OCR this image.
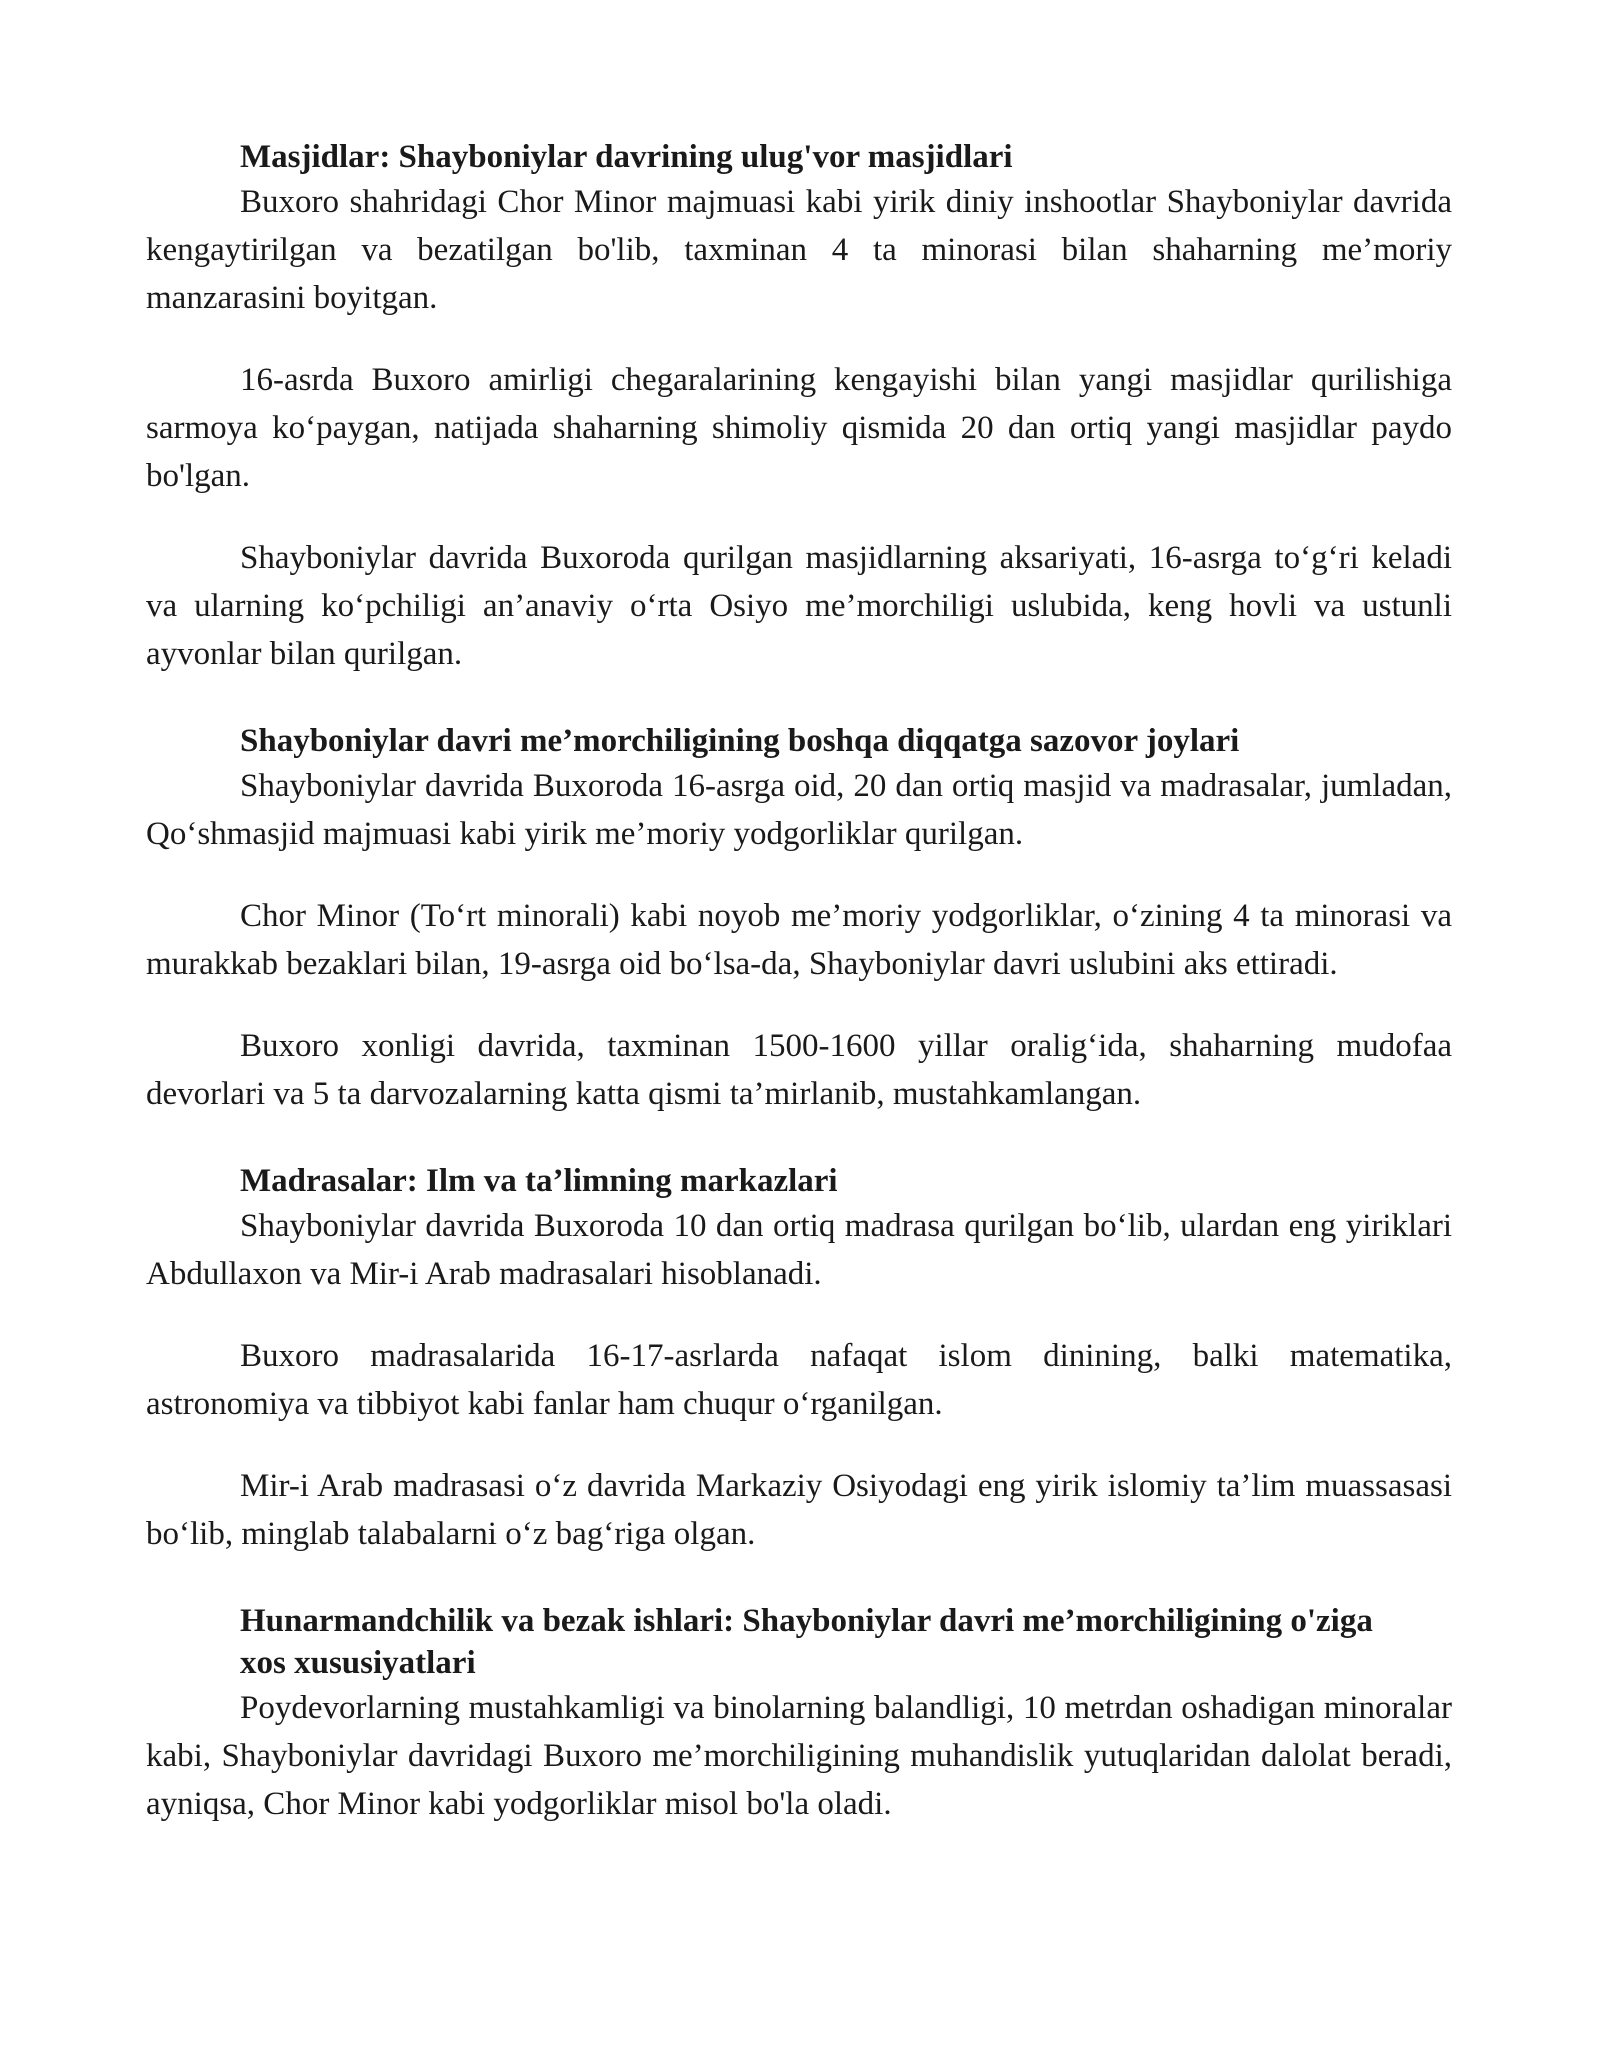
Masjidlar: Shayboniylar davrining ulug'vor masjidlari

Buxoro shahridagi Chor Minor majmuasi kabi yirik diniy inshootlar Shayboniylar davrida kengaytirilgan va bezatilgan bo'lib, taxminan 4 ta minorasi bilan shaharning me’moriy manzarasini boyitgan.

16-asrda Buxoro amirligi chegaralarining kengayishi bilan yangi masjidlar qurilishiga sarmoya ko‘paygan, natijada shaharning shimoliy qismida 20 dan ortiq yangi masjidlar paydo bo'lgan.

Shayboniylar davrida Buxoroda qurilgan masjidlarning aksariyati, 16-asrga to‘g‘ri keladi va ularning ko‘pchiligi an’anaviy o‘rta Osiyo me’morchiligi uslubida, keng hovli va ustunli ayvonlar bilan qurilgan.

Shayboniylar davri me’morchiligining boshqa diqqatga sazovor joylari

Shayboniylar davrida Buxoroda 16-asrga oid, 20 dan ortiq masjid va madrasalar, jumladan, Qo‘shmasjid majmuasi kabi yirik me’moriy yodgorliklar qurilgan.

Chor Minor (To‘rt minorali) kabi noyob me’moriy yodgorliklar, o‘zining 4 ta minorasi va murakkab bezaklari bilan, 19-asrga oid bo‘lsa-da, Shayboniylar davri uslubini aks ettiradi.

Buxoro xonligi davrida, taxminan 1500-1600 yillar oralig‘ida, shaharning mudofaa devorlari va 5 ta darvozalarning katta qismi ta’mirlanib, mustahkamlangan.

Madrasalar: Ilm va ta’limning markazlari

Shayboniylar davrida Buxoroda 10 dan ortiq madrasa qurilgan bo‘lib, ulardan eng yiriklari Abdullaxon va Mir-i Arab madrasalari hisoblanadi.

Buxoro madrasalarida 16-17-asrlarda nafaqat islom dinining, balki matematika, astronomiya va tibbiyot kabi fanlar ham chuqur o‘rganilgan.

Mir-i Arab madrasasi o‘z davrida Markaziy Osiyodagi eng yirik islomiy ta’lim muassasasi bo‘lib, minglab talabalarni o‘z bag‘riga olgan.

Hunarmandchilik va bezak ishlari: Shayboniylar davri me’morchiligining o'ziga xos xususiyatlari

Poydevorlarning mustahkamligi va binolarning balandligi, 10 metrdan oshadigan minoralar kabi, Shayboniylar davridagi Buxoro me’morchiligining muhandislik yutuqlaridan dalolat beradi, ayniqsa, Chor Minor kabi yodgorliklar misol bo'la oladi.
